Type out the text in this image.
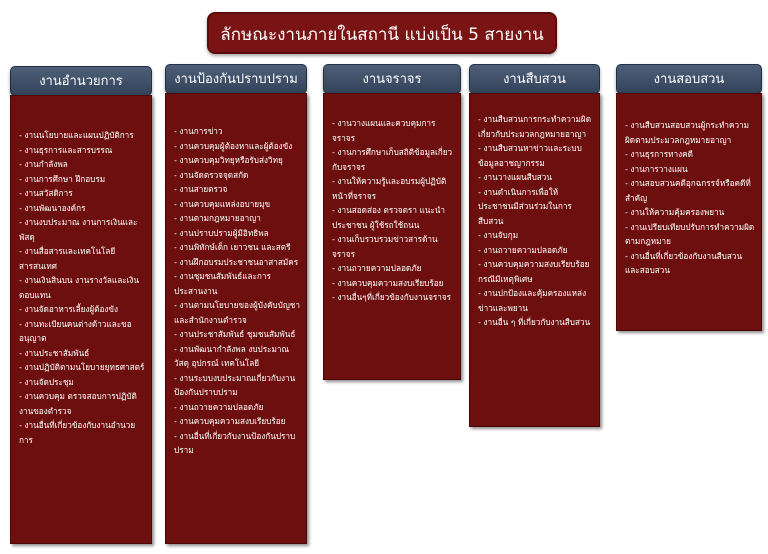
ลักษณะงานภายในสถานี แบ่งเป็น 5 สายงาน
งานอำนวยการ
- งานนโยบายและแผนปฏิบัติการ
- งานธุรการและสารบรรณ
- งานกำลังพล
- งานการศึกษา ฝึกอบรม
- งานสวัสดิการ
- งานพัฒนาองค์กร
- งานงบประมาณ งานการเงินและพัสดุ
- งานสื่อสารและเทคโนโลยีสารสนเทศ
- งานเงินสินบน งานรางวัลและเงินตอบแทน
- งานจัดอาหารเลี้ยงผู้ต้องขัง
- งานทะเบียนคนต่างด้าวและขออนุญาต
- งานประชาสัมพันธ์
- งานปฏิบัติตามนโยบายยุทธศาสตร์
- งานจัดประชุม
- งานควบคุม ตรวจสอบการปฏิบัติงานของตำรวจ
- งานอื่นที่เกี่ยวข้องกับงานอำนวยการ
งานป้องกันปราบปราม
- งานการข่าว
- งานควบคุมผู้ต้องหาและผู้ต้องขัง
- งานควบคุมวิทยุหรือรับส่งวิทยุ
- งานจัดตรวจจุดสกัด
- งานสายตรวจ
- งานควบคุมแหล่งอบายมุข
- งานตามกฎหมายอาญา
- งานปราบปรามผู้มีอิทธิพล
- งานพิทักษ์เด็ก เยาวชน และสตรี
- งานฝึกอบรมประชาชนอาสาสมัคร
- งานชุมชนสัมพันธ์และการประสานงาน
- งานตามนโยบายของผู้บังคับบัญชาและสำนักงานตำรวจ
- งานประชาสัมพันธ์ ชุมชนสัมพันธ์
- งานพัฒนากำลังพล งบประมาณ วัสดุ อุปกรณ์ เทคโนโลยี
- งานระบบงบประมาณเกี่ยวกับงานป้องกันปราบปราม
- งานถวายความปลอดภัย
- งานควบคุมความสงบเรียบร้อย
- งานอื่นที่เกี่ยวกับงานป้องกันปราบปราม
งานจราจร
- งานวางแผนและควบคุมการจราจร
- งานการศึกษาเก็บสถิติข้อมูลเกี่ยวกับจราจร
- งานให้ความรู้และอบรมผู้ปฏิบัติหน้าที่จราจร
- งานสอดส่อง ตรวจตรา แนะนำประชาชน ผู้ใช้รถใช้ถนน
- งานเก็บรวบรวมข่าวสารด้านจราจร
- งานถวายความปลอดภัย
- งานควบคุมความสงบเรียบร้อย
- งานอื่นๆที่เกี่ยวข้องกับงานจราจร
งานสืบสวน
- งานสืบสวนการกระทำความผิดเกี่ยวกับประมวลกฎหมายอาญา
- งานสืบสวนหาข่าวและระบบข้อมูลอาชญากรรม
- งานวางแผนสืบสวน
- งานดำเนินการเพื่อให้ประชาชนมีส่วนร่วมในการสืบสวน
- งานจับกุม
- งานถวายความปลอดภัย
- งานควบคุมความสงบเรียบร้อยกรณีมีเหตุพิเศษ
- งานปกป้องและคุ้มครองแหล่งข่าวและพยาน
- งานอื่น ๆ ที่เกี่ยวกับงานสืบสวน
งานสอบสวน
- งานสืบสวนสอบสวนผู้กระทำความผิดตามประมวลกฎหมายอาญา
- งานธุรการทางคดี
- งานการวางแผน
- งานสอบสวนคดีอุกฉกรรจ์หรือคดีที่สำคัญ
- งานให้ความคุ้มครองพยาน
- งานเปรียบเทียบปรับการทำความผิดตามกฎหมาย
- งานอื่นที่เกี่ยวข้องกับงานสืบสวนและสอบสวน
